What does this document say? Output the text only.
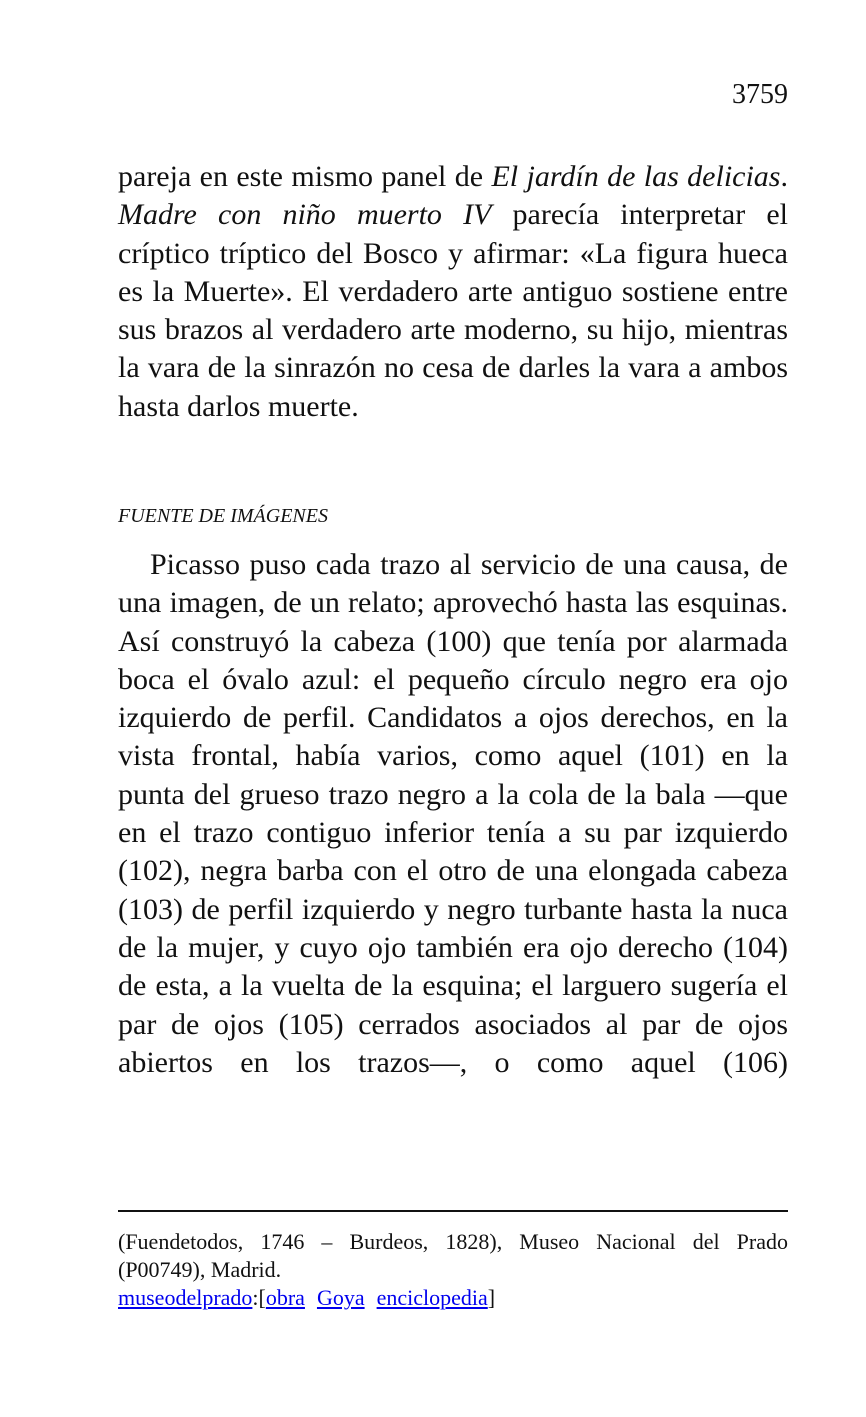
3759

pareja en este mismo panel de El jardín de las delicias. Madre con niño muerto IV parecía interpretar el críptico tríptico del Bosco y afirmar: «La figura hueca es la Muerte». El verdadero arte antiguo sostiene entre sus brazos al verdadero arte moderno, su hijo, mientras la vara de la sinrazón no cesa de darles la vara a ambos hasta darlos muerte.

FUENTE DE IMÁGENES

Picasso puso cada trazo al servicio de una causa, de una imagen, de un relato; aprovechó hasta las esquinas. Así construyó la cabeza (100) que tenía por alarmada boca el óvalo azul: el pequeño círculo negro era ojo izquierdo de perfil. Candidatos a ojos derechos, en la vista frontal, había varios, como aquel (101) en la punta del grueso trazo negro a la cola de la bala —que en el trazo contiguo inferior tenía a su par izquierdo (102), negra barba con el otro de una elongada cabeza (103) de perfil izquierdo y negro turbante hasta la nuca de la mujer, y cuyo ojo también era ojo derecho (104) de esta, a la vuelta de la esquina; el larguero sugería el par de ojos (105) cerrados asociados al par de ojos abiertos en los trazos—, o como aquel (106)

(Fuendetodos, 1746 – Burdeos, 1828), Museo Nacional del Prado (P00749), Madrid.

museodelprado:[obra Goya enciclopedia]
